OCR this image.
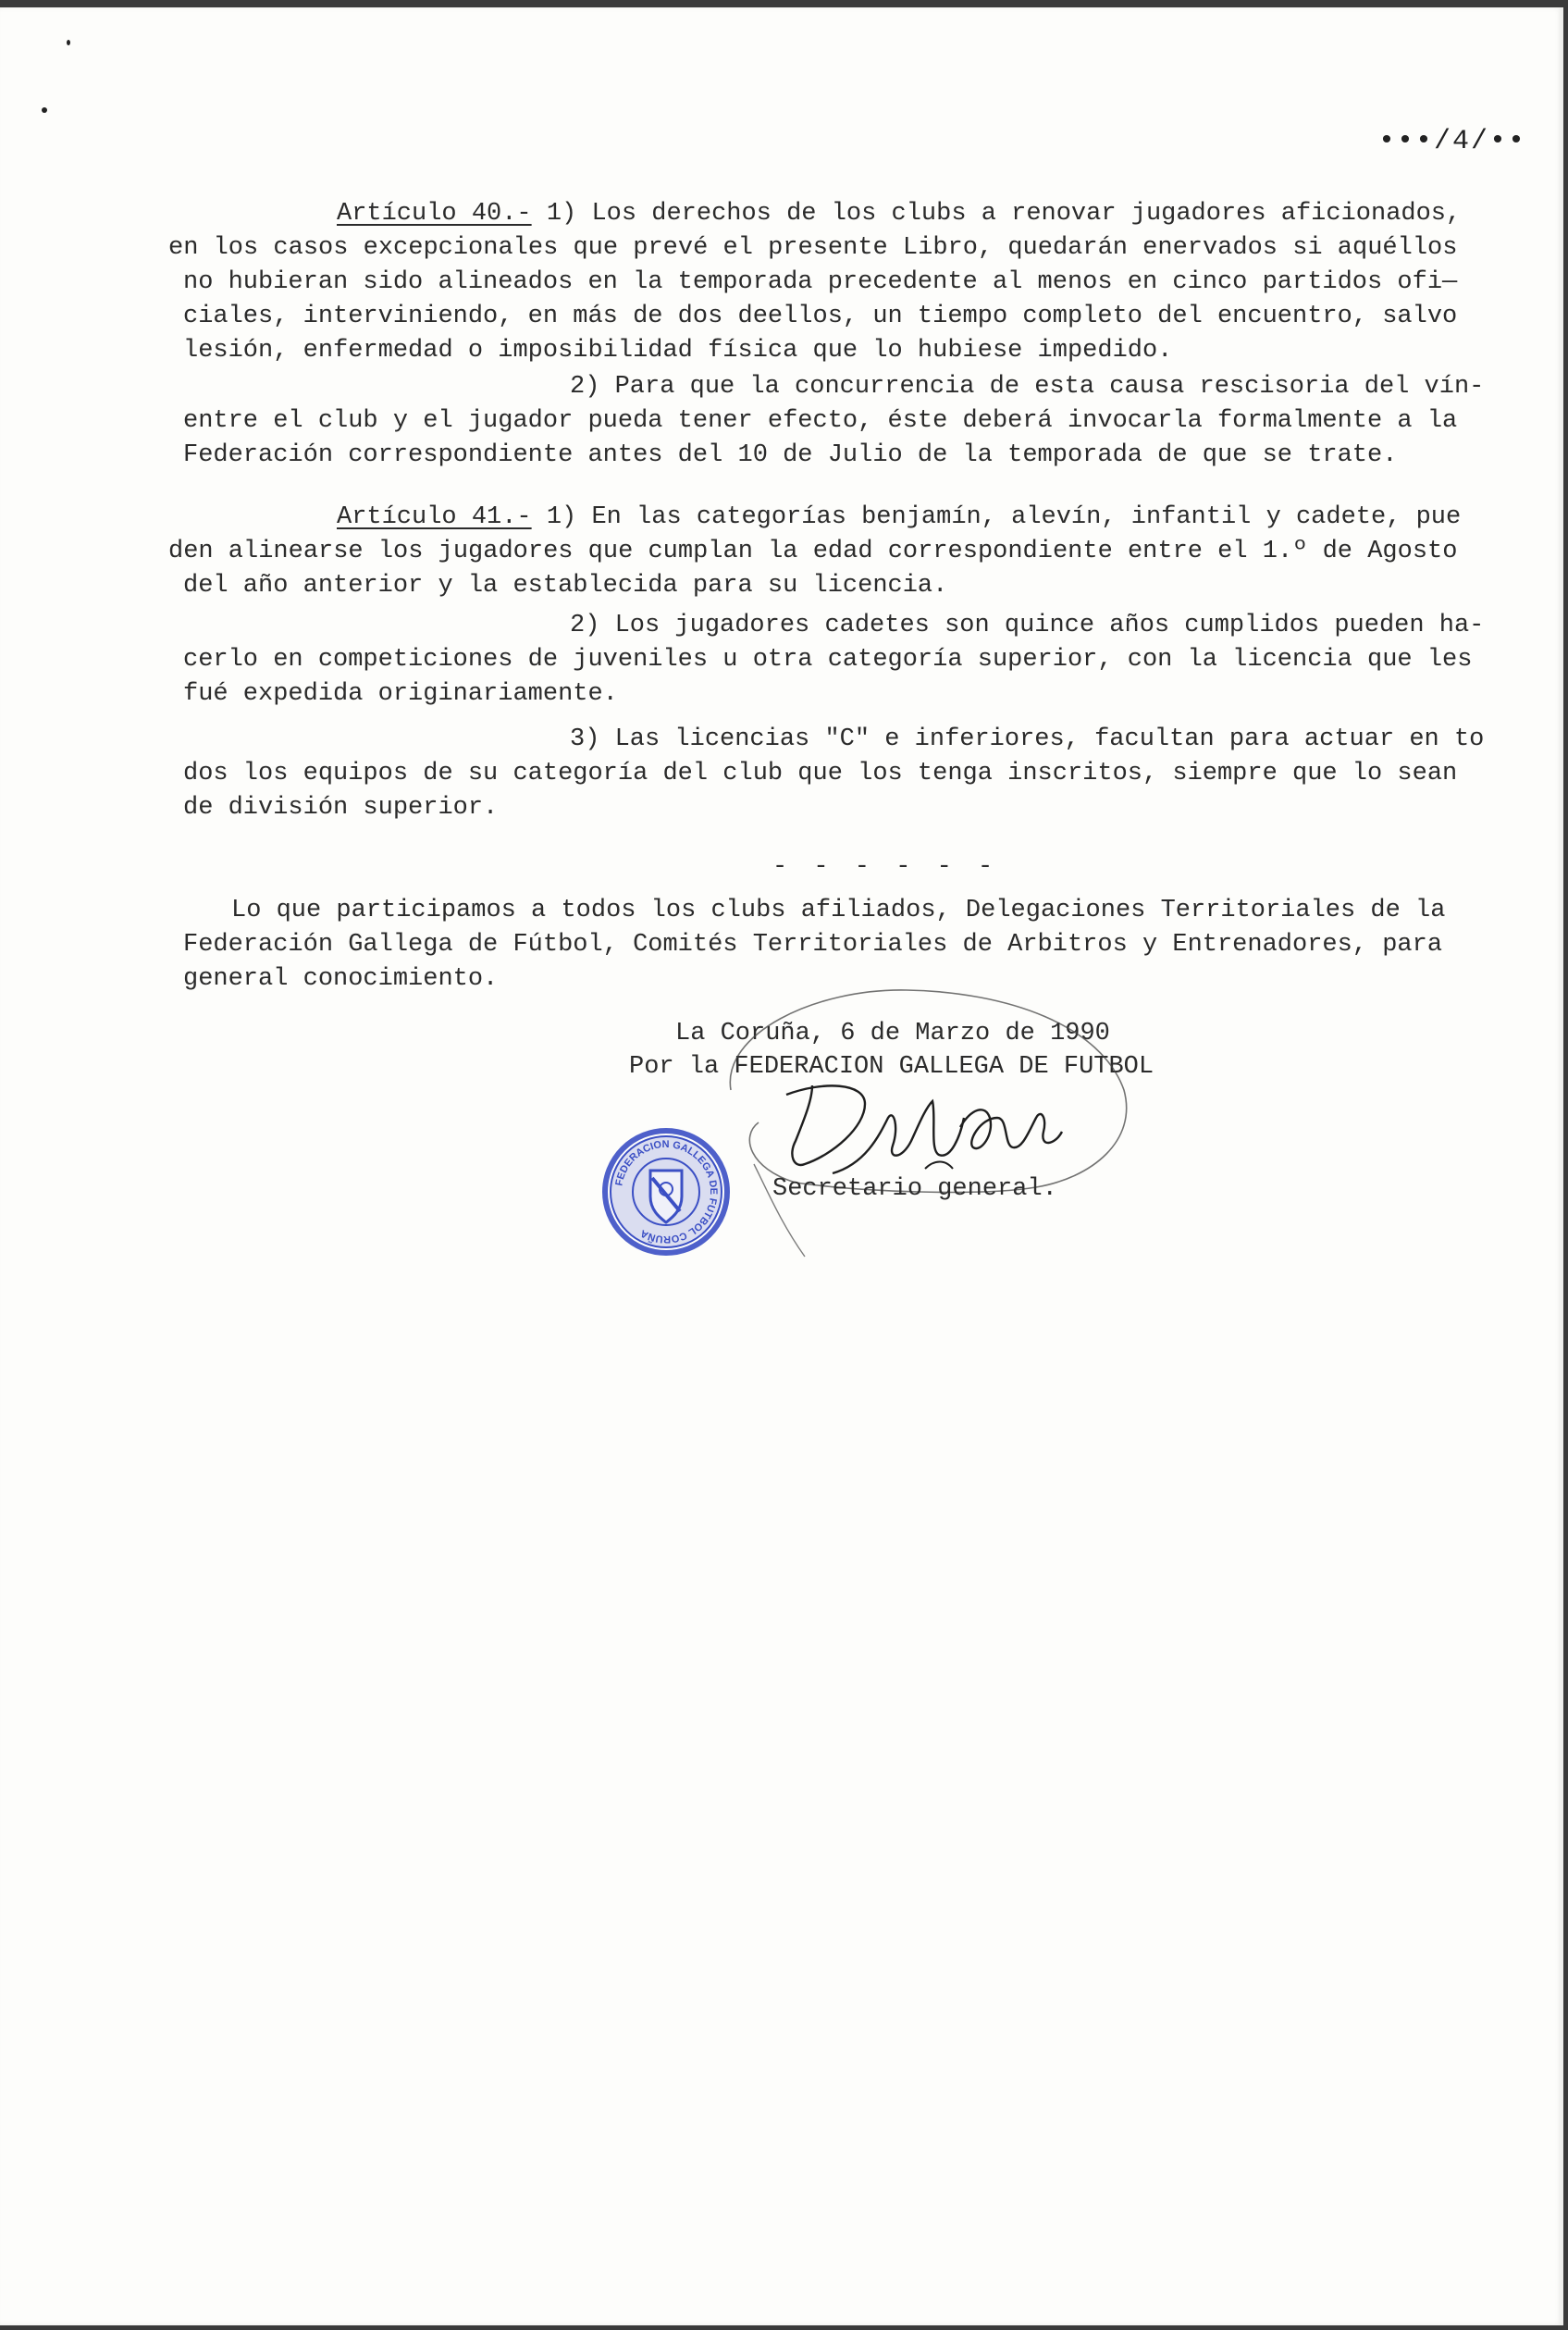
•••/4/••
Artículo 40.- 1) Los derechos de los clubs a renovar jugadores aficionados,
en los casos excepcionales que prevé el presente Libro, quedarán enervados si aquéllos
no hubieran sido alineados en la temporada precedente al menos en cinco partidos ofi—
ciales, interviniendo, en más de dos deellos, un tiempo completo del encuentro, salvo
lesión, enfermedad o imposibilidad física que lo hubiese impedido.
2) Para que la concurrencia de esta causa rescisoria del vín-
entre el club y el jugador pueda tener efecto, éste deberá invocarla formalmente a la
Federación correspondiente antes del 10 de Julio de la temporada de que se trate.
Artículo 41.- 1) En las categorías benjamín, alevín, infantil y cadete, pue
den alinearse los jugadores que cumplan la edad correspondiente entre el 1.º de Agosto
del año anterior y la establecida para su licencia.
2) Los jugadores cadetes son quince años cumplidos pueden ha-
cerlo en competiciones de juveniles u otra categoría superior, con la licencia que les
fué expedida originariamente.
3) Las licencias "C" e inferiores, facultan para actuar en to
dos los equipos de su categoría del club que los tenga inscritos, siempre que lo sean
de división superior.
- - - - - -
Lo que participamos a todos los clubs afiliados, Delegaciones Territoriales de la
Federación Gallega de Fútbol, Comités Territoriales de Arbitros y Entrenadores, para
general conocimiento.
La Coruña, 6 de Marzo de 1990
Por la FEDERACION GALLEGA DE FUTBOL
Secretario general.
FEDERACION GALLEGA DE FUTBOL CORUÑA
